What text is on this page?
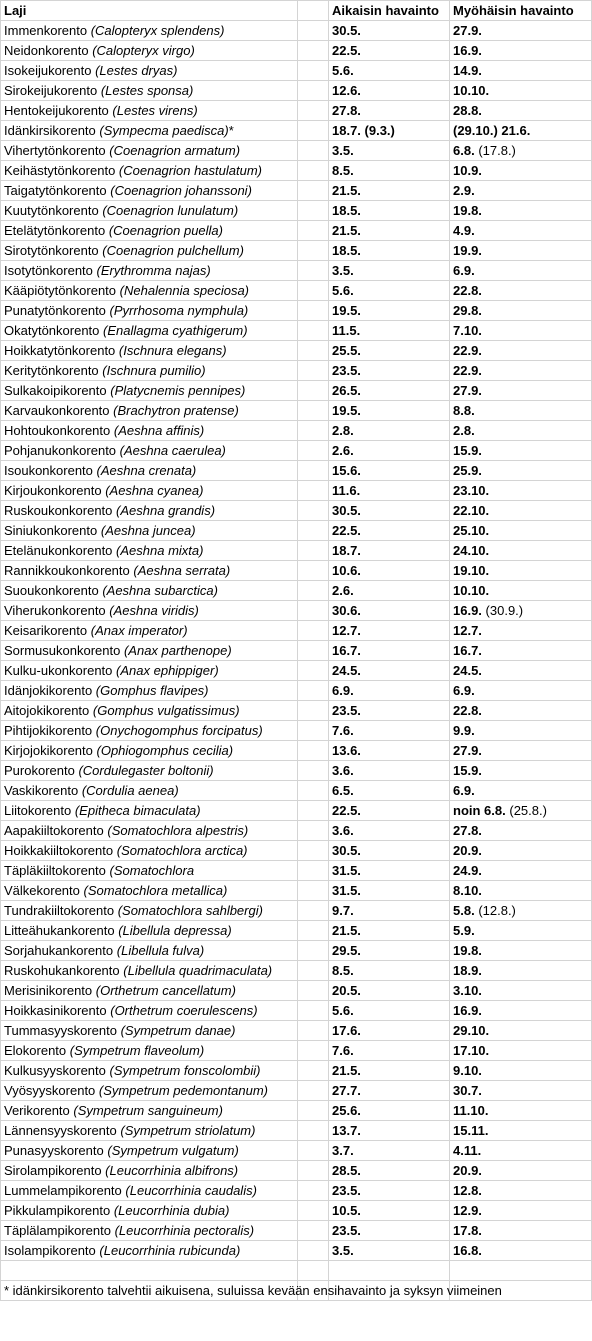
Laji		Aikaisin havainto	Myöhäisin havainto
Immenkorento (Calopteryx splendens)		30.5.	27.9.
Neidonkorento (Calopteryx virgo)		22.5.	16.9.
Isokeijukorento (Lestes dryas)		5.6.	14.9.
Sirokeijukorento (Lestes sponsa)		12.6.	10.10.
Hentokeijukorento (Lestes virens)		27.8.	28.8.
Idänkirsikorento (Sympecma paedisca)*		18.7. (9.3.)	(29.10.) 21.6.
Vihertytönkorento (Coenagrion armatum)		3.5.	6.8. (17.8.)
Keihästytönkorento (Coenagrion hastulatum)		8.5.	10.9.
Taigatytönkorento (Coenagrion johanssoni)		21.5.	2.9.
Kuutytönkorento (Coenagrion lunulatum)		18.5.	19.8.
Etelätytönkorento (Coenagrion puella)		21.5.	4.9.
Sirotytönkorento (Coenagrion pulchellum)		18.5.	19.9.
Isotytönkorento (Erythromma najas)		3.5.	6.9.
Kääpiötytönkorento (Nehalennia speciosa)		5.6.	22.8.
Punatytönkorento (Pyrrhosoma nymphula)		19.5.	29.8.
Okatytönkorento (Enallagma cyathigerum)		11.5.	7.10.
Hoikkatytönkorento (Ischnura elegans)		25.5.	22.9.
Keritytönkorento (Ischnura pumilio)		23.5.	22.9.
Sulkakoipikorento (Platycnemis pennipes)		26.5.	27.9.
Karvaukonkorento (Brachytron pratense)		19.5.	8.8.
Hohtoukonkorento (Aeshna affinis)		2.8.	2.8.
Pohjanukonkorento (Aeshna caerulea)		2.6.	15.9.
Isoukonkorento (Aeshna crenata)		15.6.	25.9.
Kirjoukonkorento (Aeshna cyanea)		11.6.	23.10.
Ruskoukonkorento (Aeshna grandis)		30.5.	22.10.
Siniukonkorento (Aeshna juncea)		22.5.	25.10.
Etelänukonkorento (Aeshna mixta)		18.7.	24.10.
Rannikkoukonkorento (Aeshna serrata)		10.6.	19.10.
Suoukonkorento (Aeshna subarctica)		2.6.	10.10.
Viherukonkorento (Aeshna viridis)		30.6.	16.9. (30.9.)
Keisarikorento (Anax imperator)		12.7.	12.7.
Sormusukonkorento (Anax parthenope)		16.7.	16.7.
Kulku-ukonkorento (Anax ephippiger)		24.5.	24.5.
Idänjokikorento (Gomphus flavipes)		6.9.	6.9.
Aitojokikorento (Gomphus vulgatissimus)		23.5.	22.8.
Pihtijokikorento (Onychogomphus forcipatus)		7.6.	9.9.
Kirjojokikorento (Ophiogomphus cecilia)		13.6.	27.9.
Purokorento (Cordulegaster boltonii)		3.6.	15.9.
Vaskikorento (Cordulia aenea)		6.5.	6.9.
Liitokorento (Epitheca bimaculata)		22.5.	noin 6.8. (25.8.)
Aapakiiltokorento (Somatochlora alpestris)		3.6.	27.8.
Hoikkakiiltokorento (Somatochlora arctica)		30.5.	20.9.
Täpläkiiltokorento (Somatochlora		31.5.	24.9.
Välkekorento (Somatochlora metallica)		31.5.	8.10.
Tundrakiiltokorento (Somatochlora sahlbergi)		9.7.	5.8. (12.8.)
Litteähukankorento (Libellula depressa)		21.5.	5.9.
Sorjahukankorento (Libellula fulva)		29.5.	19.8.
Ruskohukankorento (Libellula quadrimaculata)		8.5.	18.9.
Merisinikorento (Orthetrum cancellatum)		20.5.	3.10.
Hoikkasinikorento (Orthetrum coerulescens)		5.6.	16.9.
Tummasyyskorento (Sympetrum danae)		17.6.	29.10.
Elokorento (Sympetrum flaveolum)		7.6.	17.10.
Kulkusyyskorento (Sympetrum fonscolombii)		21.5.	9.10.
Vyösyyskorento (Sympetrum pedemontanum)		27.7.	30.7.
Verikorento (Sympetrum sanguineum)		25.6.	11.10.
Lännensyyskorento (Sympetrum striolatum)		13.7.	15.11.
Punasyyskorento (Sympetrum vulgatum)		3.7.	4.11.
Sirolampikorento (Leucorrhinia albifrons)		28.5.	20.9.
Lummelampikorento (Leucorrhinia caudalis)		23.5.	12.8.
Pikkulampikorento (Leucorrhinia dubia)		10.5.	12.9.
Täplälampikorento (Leucorrhinia pectoralis)		23.5.	17.8.
Isolampikorento (Leucorrhinia rubicunda)		3.5.	16.8.

* idänkirsikorento talvehtii aikuisena, suluissa kevään ensihavainto ja syksyn viimeinen			
